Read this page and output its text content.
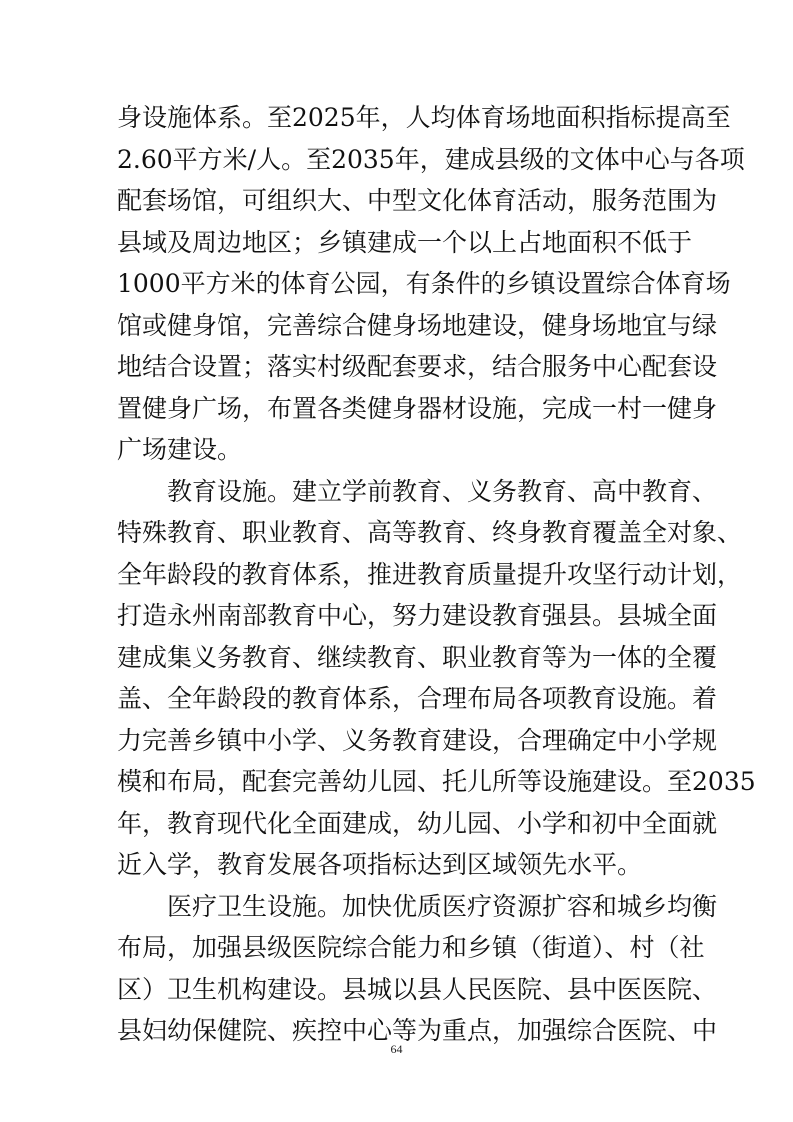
身设施体系。至2025年，人均体育场地面积指标提高至
2.60平方米/人。至2035年，建成县级的文体中心与各项
配套场馆，可组织大、中型文化体育活动，服务范围为
县域及周边地区；乡镇建成一个以上占地面积不低于
1000平方米的体育公园，有条件的乡镇设置综合体育场
馆或健身馆，完善综合健身场地建设，健身场地宜与绿
地结合设置；落实村级配套要求，结合服务中心配套设
置健身广场，布置各类健身器材设施，完成一村一健身
广场建设。
　教育设施。建立学前教育、义务教育、高中教育、
特殊教育、职业教育、高等教育、终身教育覆盖全对象、
全年龄段的教育体系，推进教育质量提升攻坚行动计划，
打造永州南部教育中心，努力建设教育强县。县城全面
建成集义务教育、继续教育、职业教育等为一体的全覆
盖、全年龄段的教育体系，合理布局各项教育设施。着
力完善乡镇中小学、义务教育建设，合理确定中小学规
模和布局，配套完善幼儿园、托儿所等设施建设。至2035
年，教育现代化全面建成，幼儿园、小学和初中全面就
近入学，教育发展各项指标达到区域领先水平。
　医疗卫生设施。加快优质医疗资源扩容和城乡均衡
布局，加强县级医院综合能力和乡镇（街道）、村（社
区）卫生机构建设。县城以县人民医院、县中医医院、
县妇幼保健院、疾控中心等为重点，加强综合医院、中
64
